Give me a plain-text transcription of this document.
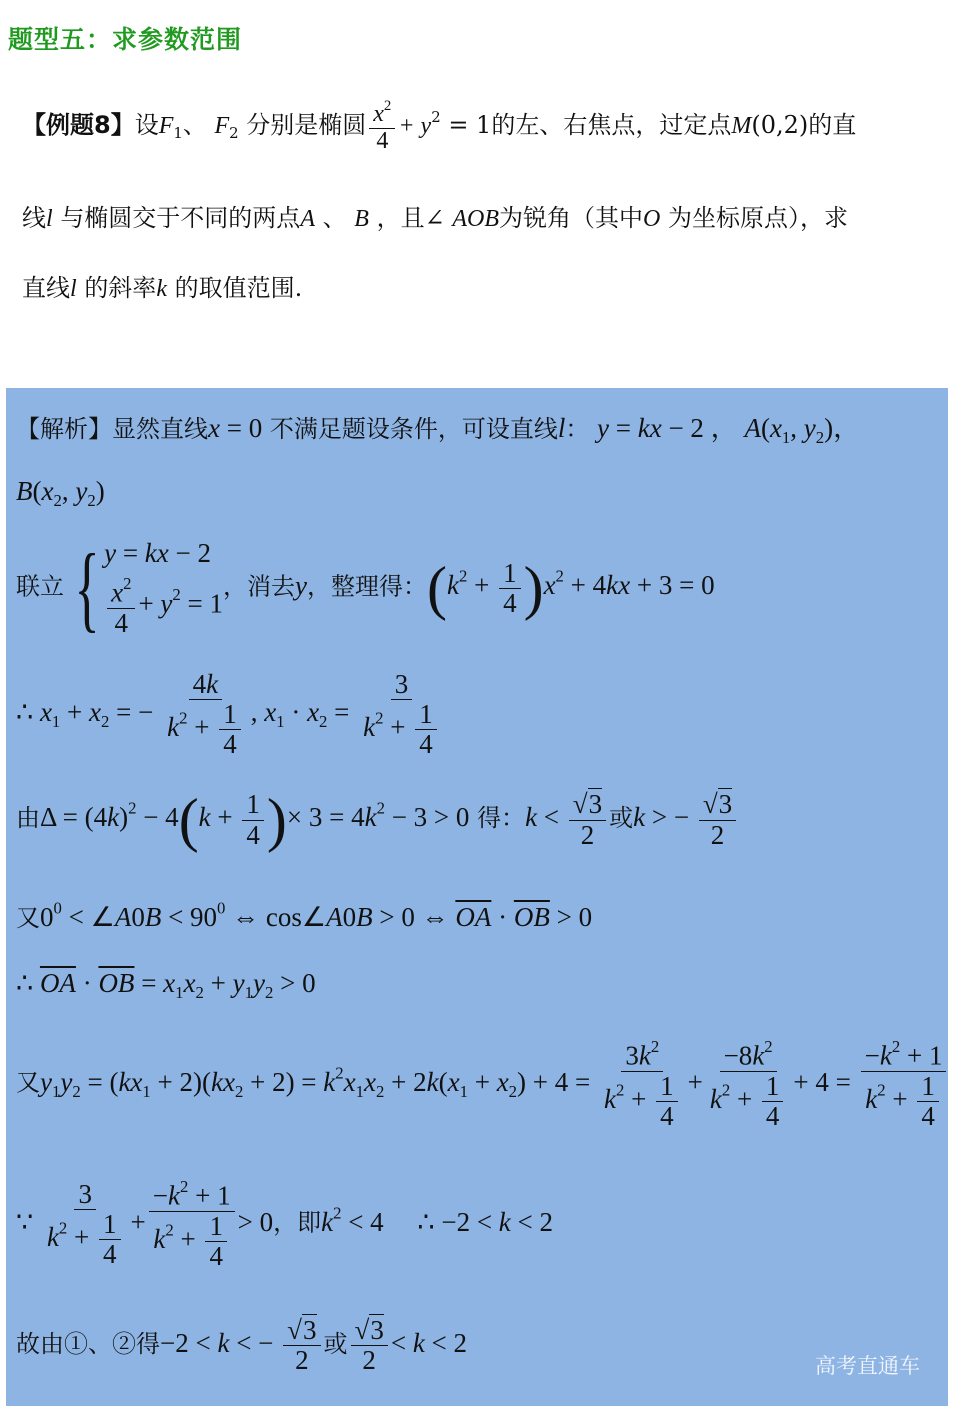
题型五：求参数范围
【例题8】设$F_1$、 $F_2$ 分别是椭圆 $\frac{x^2}{4} + y^2 = 1$的左、右焦点，过定点M(0,2)的直
线l 与椭圆交于不同的两点A 、 B ，且∠ AOB为锐角（其中O 为坐标原点），求
直线l 的斜率k 的取值范围.
【解析】显然直线x = 0 不满足题设条件，可设直线l： y = kx − 2 ， $A(x_1$, $y_2$)，
$B(x_2$, $y_2$)
联立 { y = kx − 2
$\frac{x^2}{4} + y^2 = 1$
，消去y，整理得：$(k^2 + \frac{1}{4} )x^2 + 4kx + 3 = 0$
∴ $x_1 + x_2$ = − $\frac{4k}{k^2 + \frac{1}{4}}$ , $x_1 \cdot x_2 = \frac{3}{k^2 + \frac{1}{4}}$
由$\Delta = (4k)^2 - 4(k + \frac{1}{4}$ )× $3 = 4k^2 - 3 > 0$ 得：$k < \frac{√3}{2}$ 或k > − $\frac{√3}{2}$
又$0^0$ < ∠A0B < $90^0$ ⇔ cos∠A0B > 0 ⇔ $\overline{OA} \cdot \overline{OB} > 0$
∴ $\overline{OA} \cdot \overline{OB} = x_1x_2 + y_1y_2 > 0$
又$y_1y_2 = (kx_1 + 2)(kx_2 + 2) = k^2x_1x_2 + 2k(x_1 + x_2) + 4 = \frac{3k^2}{k^2 + \frac{1}{4}} + \frac{-8k^2}{k^2 + \frac{1}{4}} + 4 = \frac{-k^2 + 1}{k^2 + \frac{1}{4}}$
∵ $\frac{3}{k^2 + \frac{1}{4}} + \frac{-k^2 + 1}{k^2 + \frac{1}{4}} > 0$，即$k^2 < 4$     ∴ −2 < k < 2
故由①、②得−2 < k < − $\frac{√3}{2}$ 或 $\frac{√3}{2} < k < 2$
高考直通车
